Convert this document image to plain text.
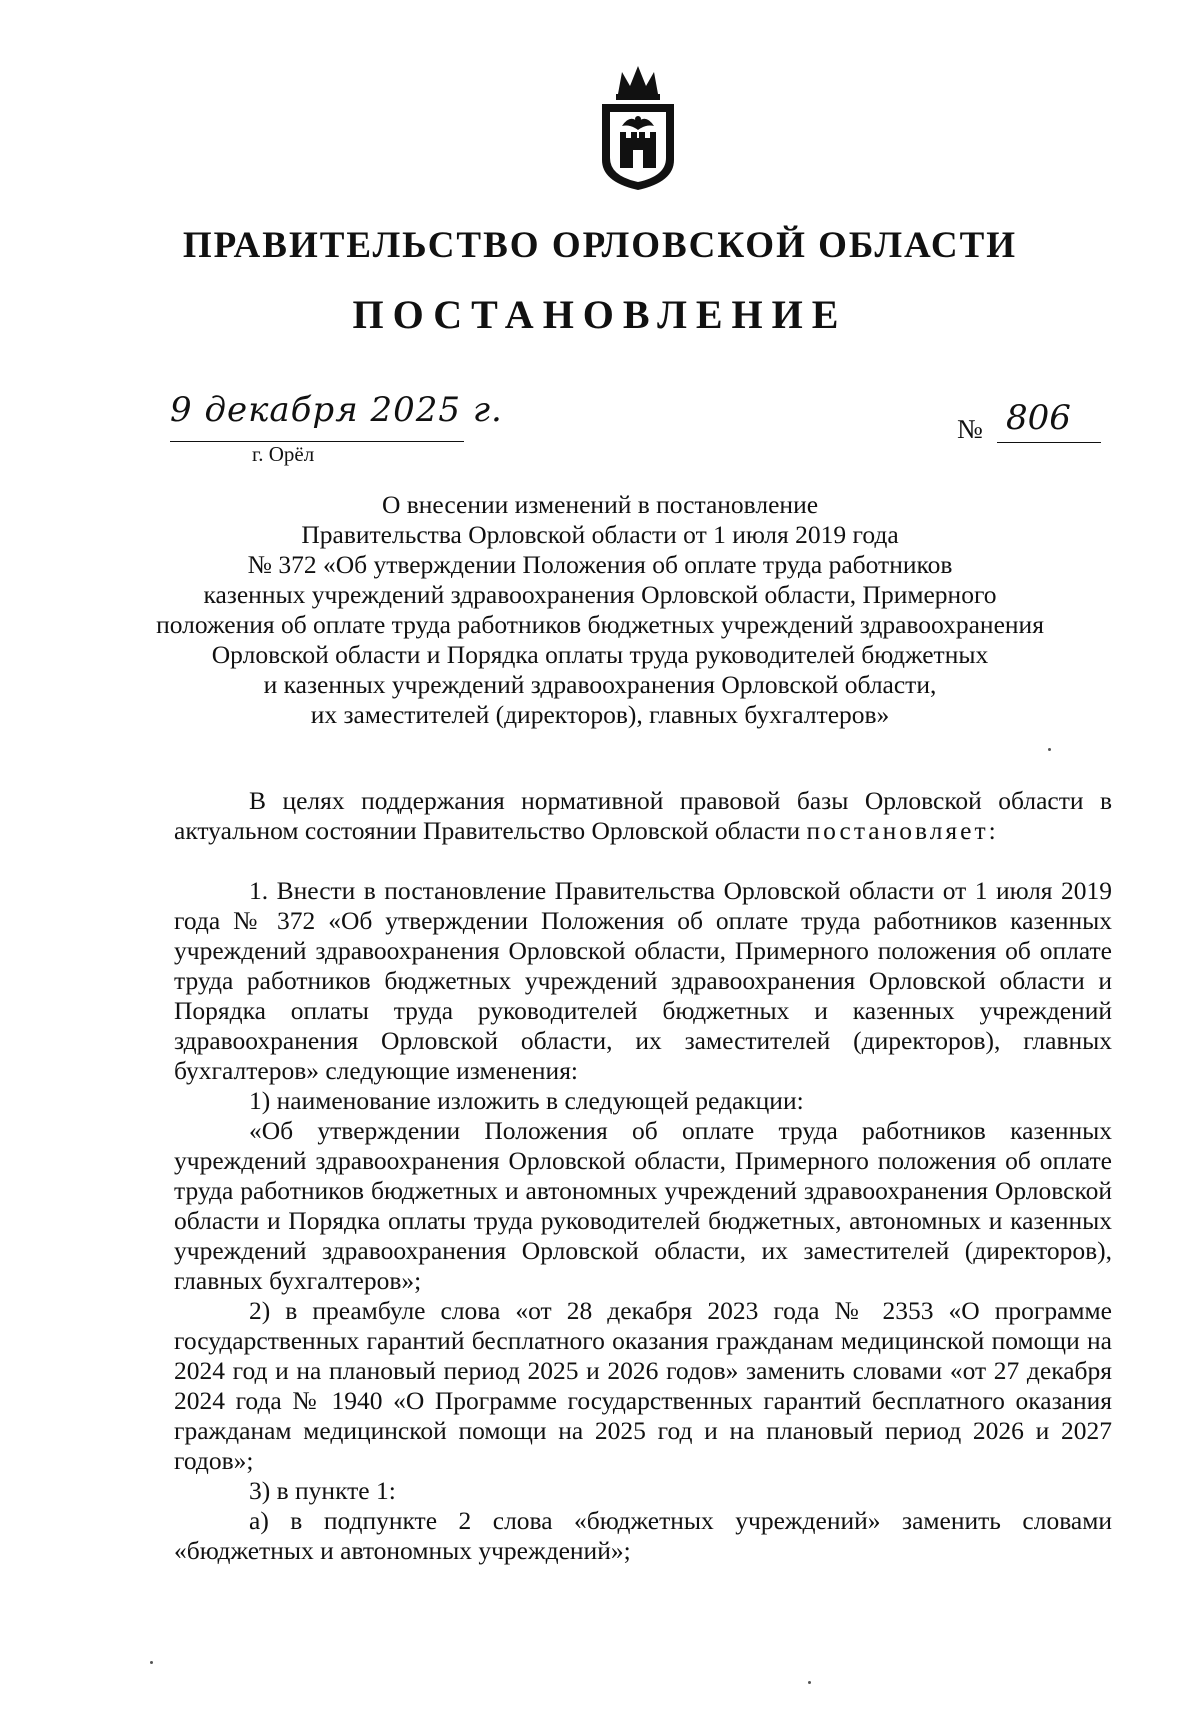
ПРАВИТЕЛЬСТВО ОРЛОВСКОЙ ОБЛАСТИ
ПОСТАНОВЛЕНИЕ
9 декабря 2025 г.
г. Орёл
№ 806
О внесении изменений в постановление
Правительства Орловской области от 1 июля 2019 года
№ 372 «Об утверждении Положения об оплате труда работников
казенных учреждений здравоохранения Орловской области, Примерного
положения об оплате труда работников бюджетных учреждений здравоохранения
Орловской области и Порядка оплаты труда руководителей бюджетных
и казенных учреждений здравоохранения Орловской области,
их заместителей (директоров), главных бухгалтеров»

В целях поддержания нормативной правовой базы Орловской области в актуальном состоянии Правительство Орловской области постановляет:

1. Внести в постановление Правительства Орловской области от 1 июля 2019 года № 372 «Об утверждении Положения об оплате труда работников казенных учреждений здравоохранения Орловской области, Примерного положения об оплате труда работников бюджетных учреждений здравоохранения Орловской области и Порядка оплаты труда руководителей бюджетных и казенных учреждений здравоохранения Орловской области, их заместителей (директоров), главных бухгалтеров» следующие изменения:

1) наименование изложить в следующей редакции:

«Об утверждении Положения об оплате труда работников казенных учреждений здравоохранения Орловской области, Примерного положения об оплате труда работников бюджетных и автономных учреждений здравоохранения Орловской области и Порядка оплаты труда руководителей бюджетных, автономных и казенных учреждений здравоохранения Орловской области, их заместителей (директоров), главных бухгалтеров»;

2) в преамбуле слова «от 28 декабря 2023 года № 2353 «О программе государственных гарантий бесплатного оказания гражданам медицинской помощи на 2024 год и на плановый период 2025 и 2026 годов» заменить словами «от 27 декабря 2024 года № 1940 «О Программе государственных гарантий бесплатного оказания гражданам медицинской помощи на 2025 год и на плановый период 2026 и 2027 годов»;

3) в пункте 1:

а) в подпункте 2 слова «бюджетных учреждений» заменить словами «бюджетных и автономных учреждений»;
